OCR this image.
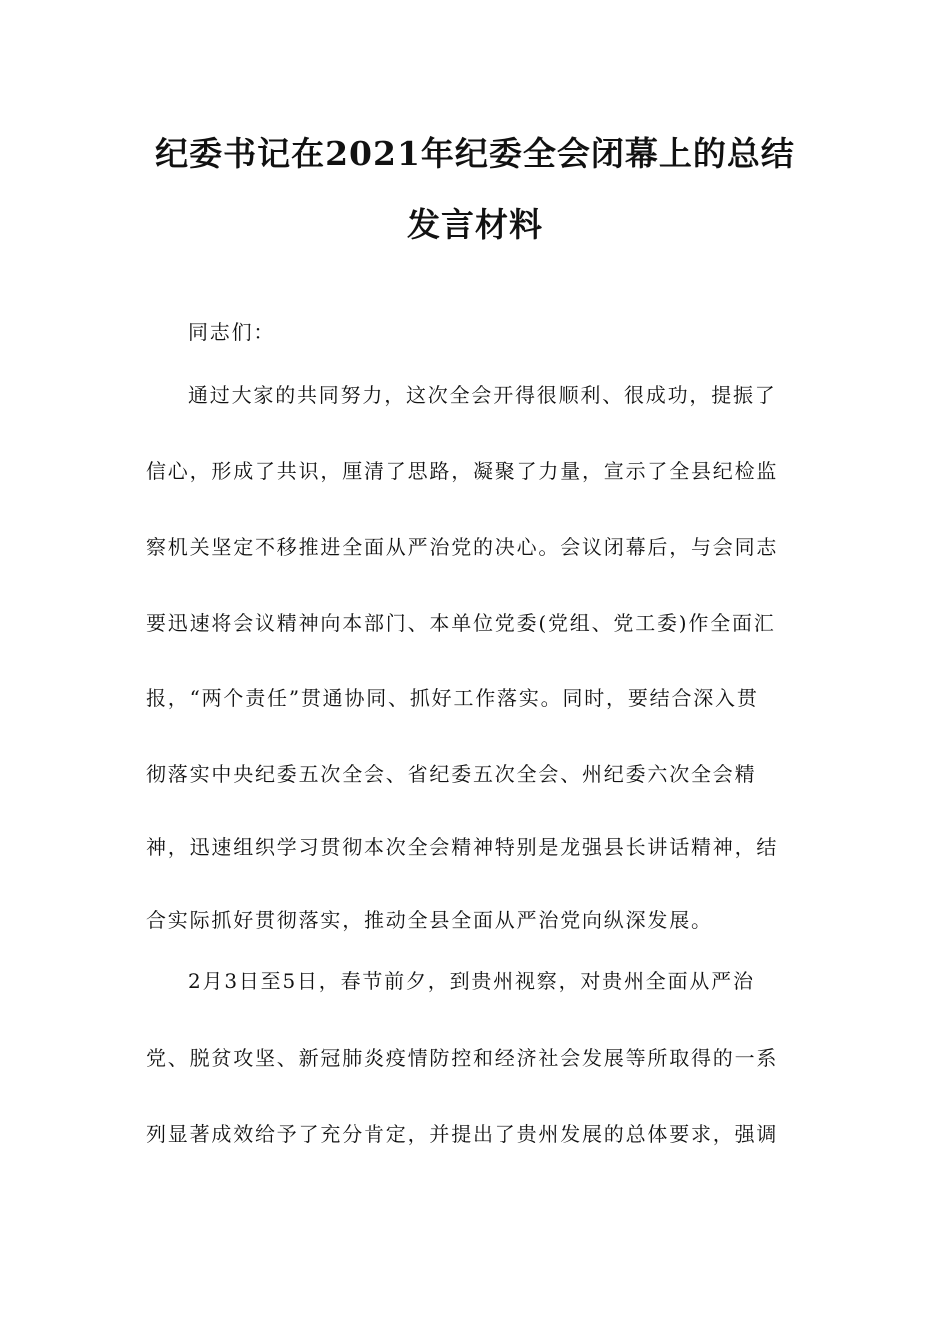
纪委书记在2021年纪委全会闭幕上的总结
发言材料
同志们：
通过大家的共同努力，这次全会开得很顺利、很成功，提振了
信心，形成了共识，厘清了思路，凝聚了力量，宣示了全县纪检监
察机关坚定不移推进全面从严治党的决心。会议闭幕后，与会同志
要迅速将会议精神向本部门、本单位党委(党组、党工委)作全面汇
报，“两个责任”贯通协同、抓好工作落实。同时，要结合深入贯
彻落实中央纪委五次全会、省纪委五次全会、州纪委六次全会精
神，迅速组织学习贯彻本次全会精神特别是龙强县长讲话精神，结
合实际抓好贯彻落实，推动全县全面从严治党向纵深发展。
2月3日至5日，春节前夕，到贵州视察，对贵州全面从严治
党、脱贫攻坚、新冠肺炎疫情防控和经济社会发展等所取得的一系
列显著成效给予了充分肯定，并提出了贵州发展的总体要求，强调
